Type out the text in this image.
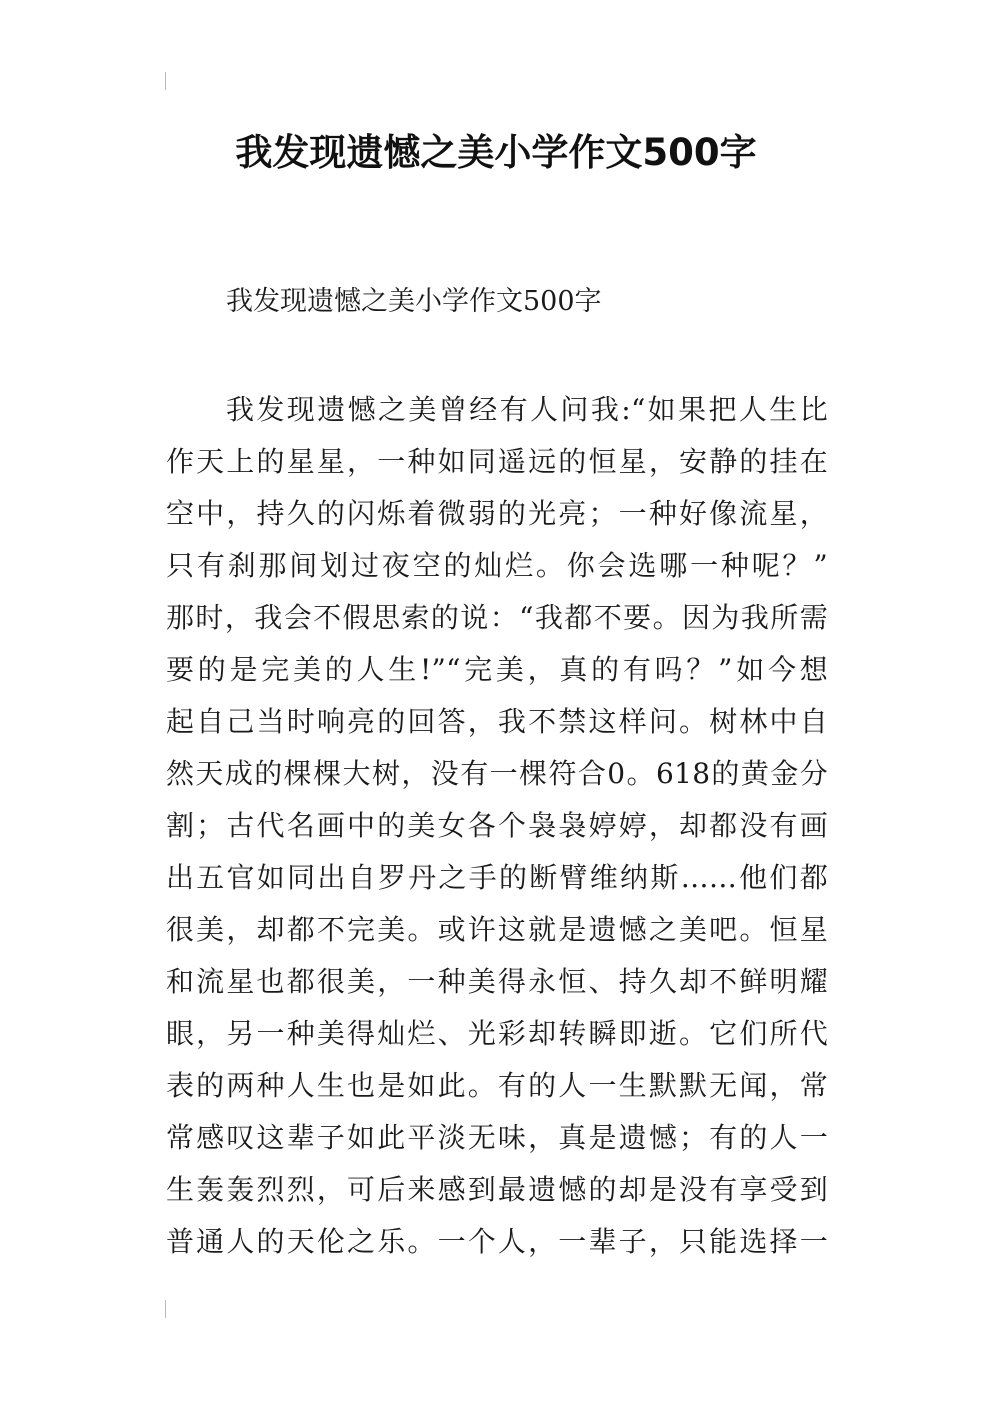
我发现遗憾之美小学作文500字

我发现遗憾之美小学作文500字

我发现遗憾之美曾经有人问我:“如果把人生比
作天上的星星，一种如同遥远的恒星，安静的挂在
空中，持久的闪烁着微弱的光亮；一种好像流星，
只有刹那间划过夜空的灿烂。你会选哪一种呢？”
那时，我会不假思索的说：“我都不要。因为我所需
要的是完美的人生!”“完美，真的有吗？”如今想
起自己当时响亮的回答，我不禁这样问。树林中自
然天成的棵棵大树，没有一棵符合0。618的黄金分
割；古代名画中的美女各个袅袅婷婷，却都没有画
出五官如同出自罗丹之手的断臂维纳斯……他们都
很美，却都不完美。或许这就是遗憾之美吧。恒星
和流星也都很美，一种美得永恒、持久却不鲜明耀
眼，另一种美得灿烂、光彩却转瞬即逝。它们所代
表的两种人生也是如此。有的人一生默默无闻，常
常感叹这辈子如此平淡无味，真是遗憾；有的人一
生轰轰烈烈，可后来感到最遗憾的却是没有享受到
普通人的天伦之乐。一个人，一辈子，只能选择一
